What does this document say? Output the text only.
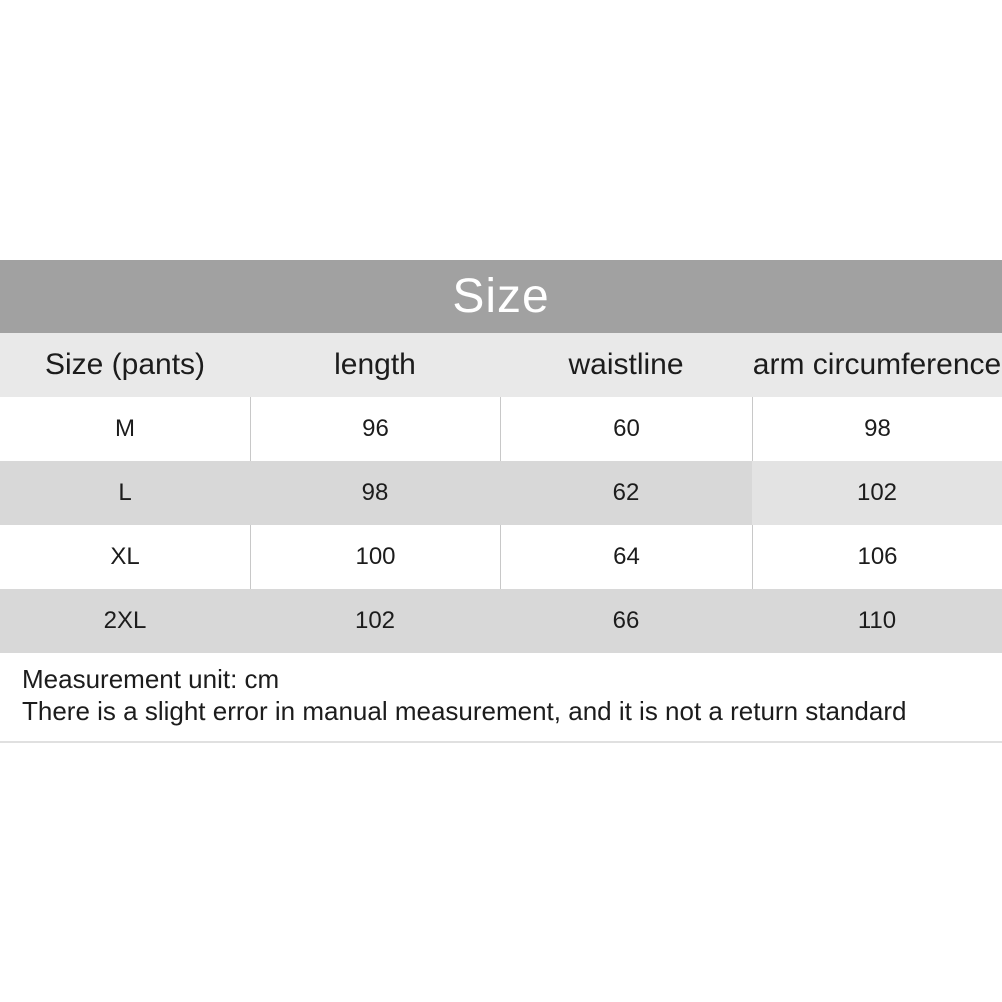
Size
Size (pants)	length	waistline	arm circumference
M	96	60	98
L	98	62	102
XL	100	64	106
2XL	102	66	110
Measurement unit: cm
There is a slight error in manual measurement, and it is not a return standard
